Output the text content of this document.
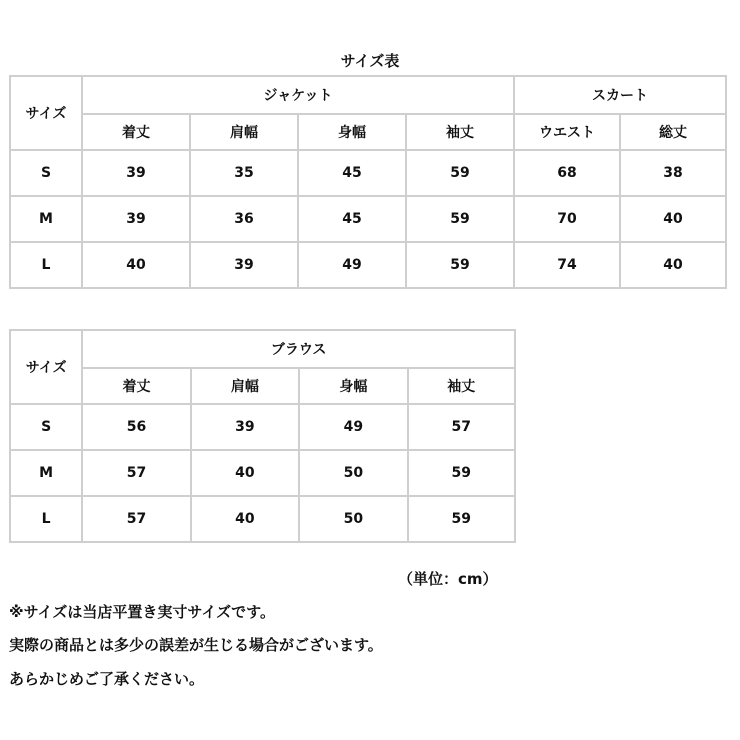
サイズ表
サイズ	ジャケット				スカート	
	着丈	肩幅	身幅	袖丈	ウエスト	総丈
S	39	35	45	59	68	38
M	39	36	45	59	70	40
L	40	39	49	59	74	40
サイズ	ブラウス			
	着丈	肩幅	身幅	袖丈
S	56	39	49	57
M	57	40	50	59
L	57	40	50	59
（単位：cm）
※サイズは当店平置き実寸サイズです。
実際の商品とは多少の誤差が生じる場合がございます。
あらかじめご了承ください。
